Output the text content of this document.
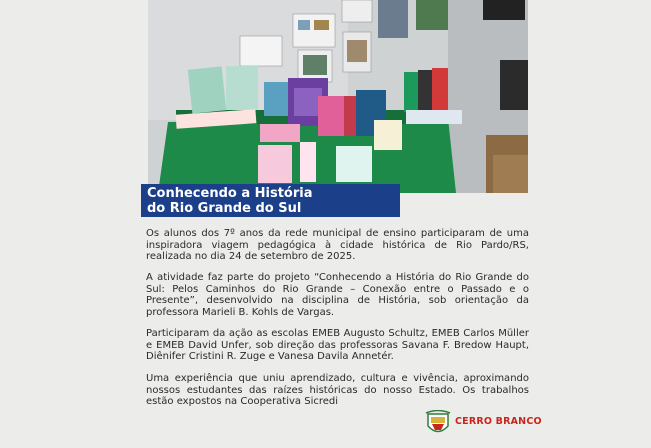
Conhecendo a História
do Rio Grande do Sul

Os alunos dos 7º anos da rede municipal de ensino participaram de uma inspiradora viagem pedagógica à cidade histórica de Rio Pardo/RS, realizada no dia 24 de setembro de 2025.

A atividade faz parte do projeto “Conhecendo a História do Rio Grande do Sul: Pelos Caminhos do Rio Grande – Conexão entre o Passado e o Presente”, desenvolvido na disciplina de História, sob orientação da professora Marieli B. Kohls de Vargas.

Participaram da ação as escolas EMEB Augusto Schultz, EMEB Carlos Müller e EMEB David Unfer, sob direção das professoras Savana F. Bredow Haupt, Diênifer Cristini R. Zuge e Vanesa Davila Annetér.

Uma experiência que uniu aprendizado, cultura e vivência, aproximando nossos estudantes das raízes históricas do nosso Estado. Os trabalhos estão expostos na Cooperativa Sicredi

CERRO BRANCO
